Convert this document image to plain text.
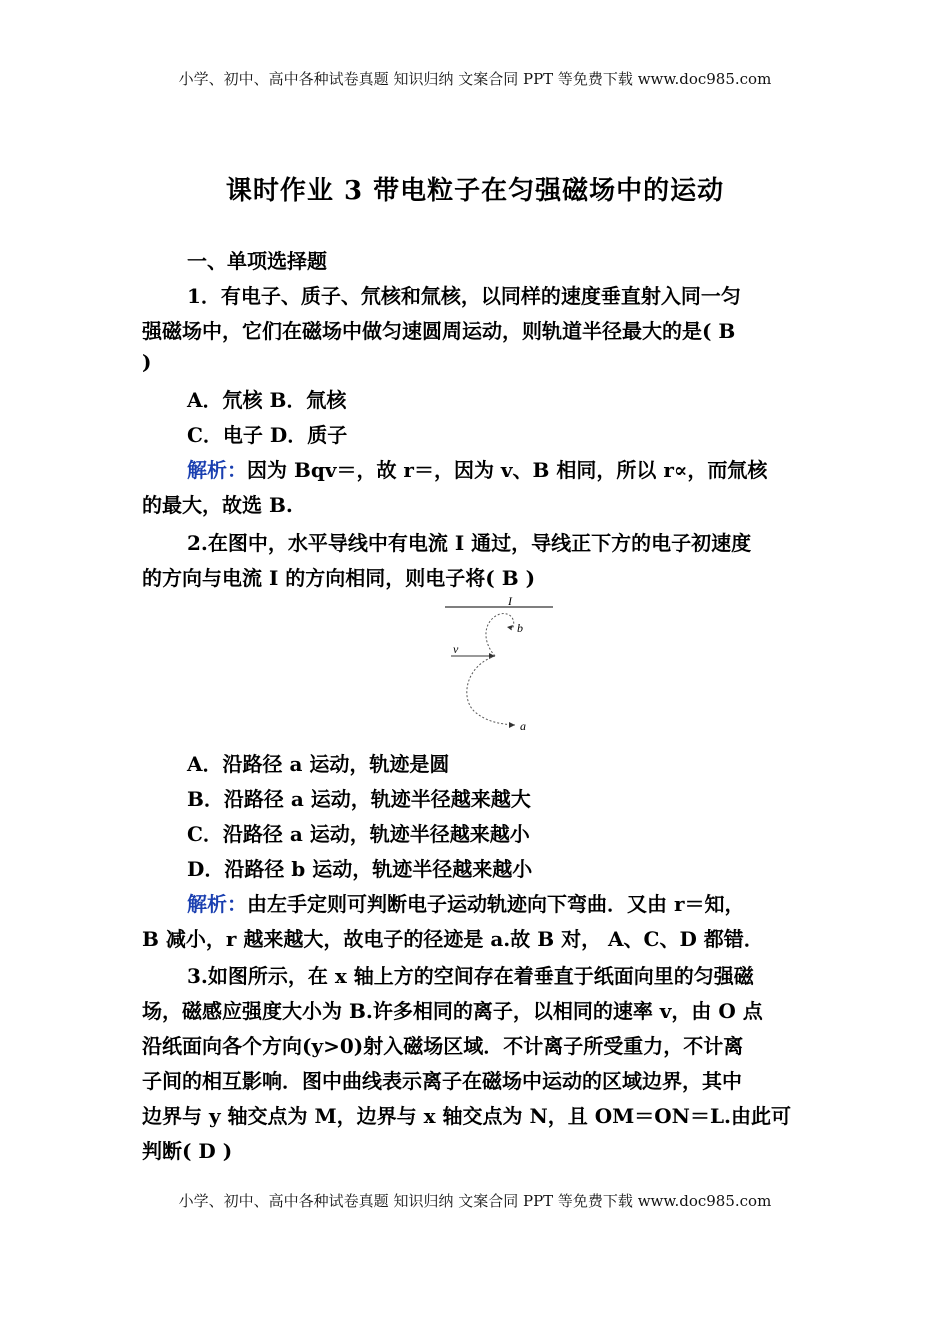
小学、初中、高中各种试卷真题 知识归纳 文案合同 PPT 等免费下载 www.doc985.com
课时作业 3 带电粒子在匀强磁场中的运动
一、单项选择题
1．有电子、质子、氘核和氚核，以同样的速度垂直射入同一匀
强磁场中，它们在磁场中做匀速圆周运动，则轨道半径最大的是( B
)
A．氘核 B．氚核
C．电子 D．质子
解析：因为 Bqv＝，故 r＝，因为 v、B 相同，所以 r∝，而氚核
的最大，故选 B.
2.在图中，水平导线中有电流 I 通过，导线正下方的电子初速度
的方向与电流 I 的方向相同，则电子将( B )
A．沿路径 a 运动，轨迹是圆
B．沿路径 a 运动，轨迹半径越来越大
C．沿路径 a 运动，轨迹半径越来越小
D．沿路径 b 运动，轨迹半径越来越小
解析：由左手定则可判断电子运动轨迹向下弯曲．又由 r＝知，
B 减小，r 越来越大，故电子的径迹是 a.故 B 对， A、C、D 都错．
3.如图所示，在 x 轴上方的空间存在着垂直于纸面向里的匀强磁
场，磁感应强度大小为 B.许多相同的离子，以相同的速率 v，由 O 点
沿纸面向各个方向(y>0)射入磁场区域．不计离子所受重力，不计离
子间的相互影响．图中曲线表示离子在磁场中运动的区域边界，其中
边界与 y 轴交点为 M，边界与 x 轴交点为 N，且 OM＝ON＝L.由此可
判断( D )
I
v
b
a
小学、初中、高中各种试卷真题 知识归纳 文案合同 PPT 等免费下载 www.doc985.com
